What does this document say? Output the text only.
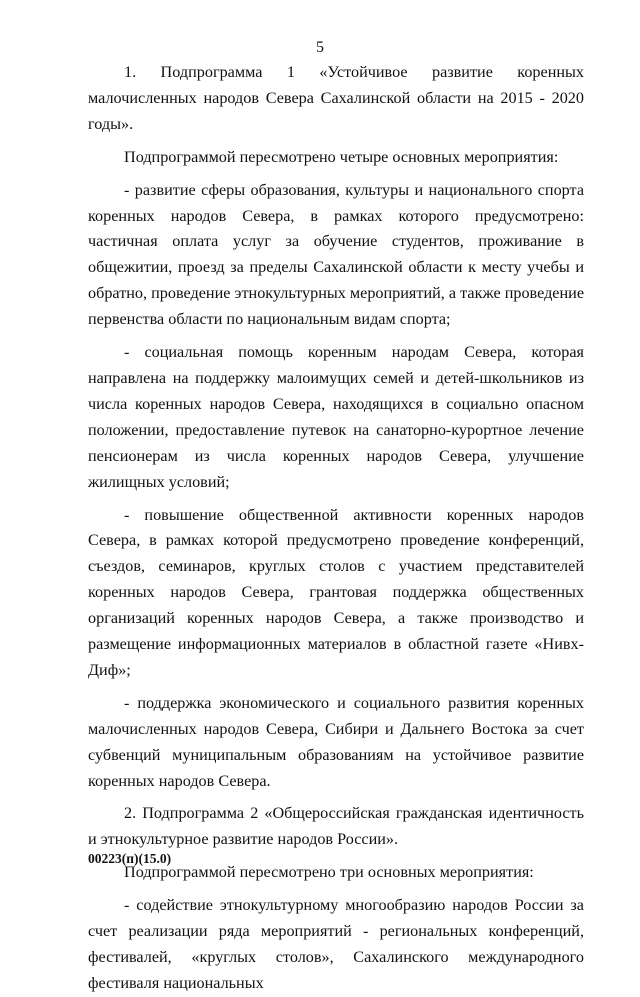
5

1. Подпрограмма 1 «Устойчивое развитие коренных малочисленных народов Севера Сахалинской области на 2015 - 2020 годы».

Подпрограммой пересмотрено четыре основных мероприятия:

- развитие сферы образования, культуры и национального спорта коренных народов Севера, в рамках которого предусмотрено: частичная оплата услуг за обучение студентов, проживание в общежитии, проезд за пределы Сахалинской области к месту учебы и обратно, проведение этнокультурных мероприятий, а также проведение первенства области по национальным видам спорта;

- социальная помощь коренным народам Севера, которая направлена на поддержку малоимущих семей и детей-школьников из числа коренных народов Севера, находящихся в социально опасном положении, предоставление путевок на санаторно-курортное лечение пенсионерам из числа коренных народов Севера, улучшение жилищных условий;

- повышение общественной активности коренных народов Севера, в рамках которой предусмотрено проведение конференций, съездов, семинаров, круглых столов с участием представителей коренных народов Севера, грантовая поддержка общественных организаций коренных народов Севера, а также производство и размещение информационных материалов в областной газете «Нивх-Диф»;

- поддержка экономического и социального развития коренных малочисленных народов Севера, Сибири и Дальнего Востока за счет субвенций муниципальным образованиям на устойчивое развитие коренных народов Севера.

2. Подпрограмма 2 «Общероссийская гражданская идентичность и этнокультурное развитие народов России».

Подпрограммой пересмотрено три основных мероприятия:

- содействие этнокультурному многообразию народов России за счет реализации ряда мероприятий - региональных конференций, фестивалей, «круглых столов», Сахалинского международного фестиваля национальных

00223(п)(15.0)
